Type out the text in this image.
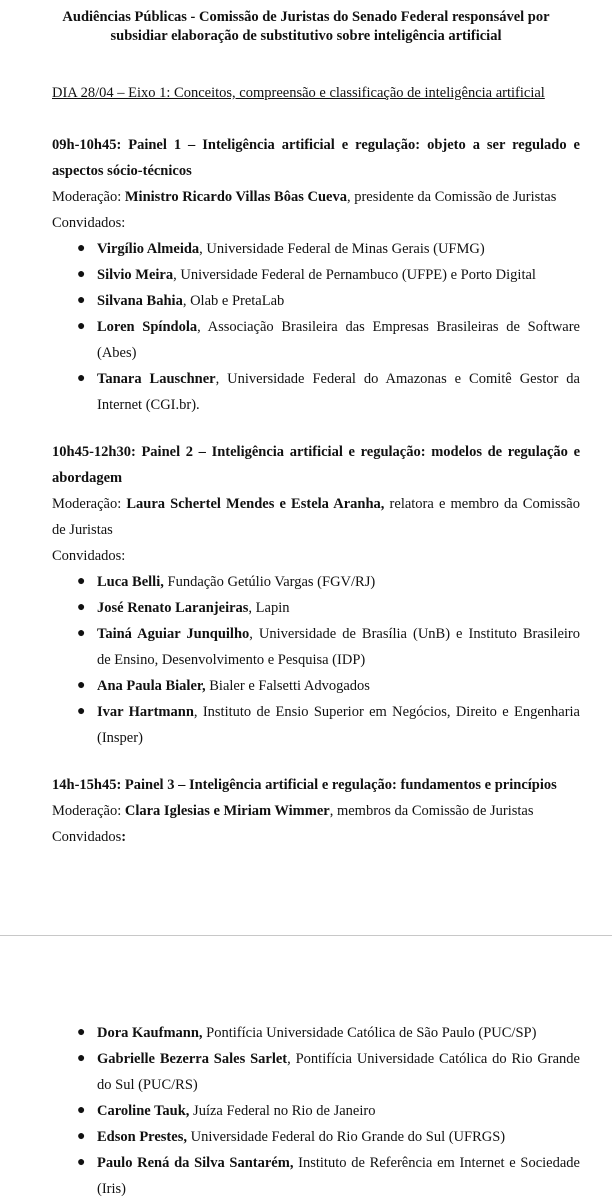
Audiências Públicas - Comissão de Juristas do Senado Federal responsável por subsidiar elaboração de substitutivo sobre inteligência artificial
DIA 28/04 – Eixo 1: Conceitos, compreensão e classificação de inteligência artificial
09h-10h45: Painel 1 – Inteligência artificial e regulação: objeto a ser regulado e
aspectos sócio-técnicos
Moderação: Ministro Ricardo Villas Bôas Cueva, presidente da Comissão de Juristas
Convidados:
● Virgílio Almeida, Universidade Federal de Minas Gerais (UFMG)
● Silvio Meira, Universidade Federal de Pernambuco (UFPE) e Porto Digital
● Silvana Bahia, Olab e PretaLab
● Loren Spíndola, Associação Brasileira das Empresas Brasileiras de Software
(Abes)
● Tanara Lauschner, Universidade Federal do Amazonas e Comitê Gestor da
Internet (CGI.br).
10h45-12h30: Painel 2 – Inteligência artificial e regulação: modelos de regulação e
abordagem
Moderação: Laura Schertel Mendes e Estela Aranha, relatora e membro da Comissão
de Juristas
Convidados:
● Luca Belli, Fundação Getúlio Vargas (FGV/RJ)
● José Renato Laranjeiras, Lapin
● Tainá Aguiar Junquilho, Universidade de Brasília (UnB) e Instituto Brasileiro
de Ensino, Desenvolvimento e Pesquisa (IDP)
● Ana Paula Bialer, Bialer e Falsetti Advogados
● Ivar Hartmann, Instituto de Ensio Superior em Negócios, Direito e Engenharia
(Insper)
14h-15h45: Painel 3 – Inteligência artificial e regulação: fundamentos e princípios
Moderação: Clara Iglesias e Miriam Wimmer, membros da Comissão de Juristas
Convidados:
● Dora Kaufmann, Pontifícia Universidade Católica de São Paulo (PUC/SP)
● Gabrielle Bezerra Sales Sarlet, Pontifícia Universidade Católica do Rio Grande
do Sul (PUC/RS)
● Caroline Tauk, Juíza Federal no Rio de Janeiro
● Edson Prestes, Universidade Federal do Rio Grande do Sul (UFRGS)
● Paulo Rená da Silva Santarém, Instituto de Referência em Internet e Sociedade
(Iris)
